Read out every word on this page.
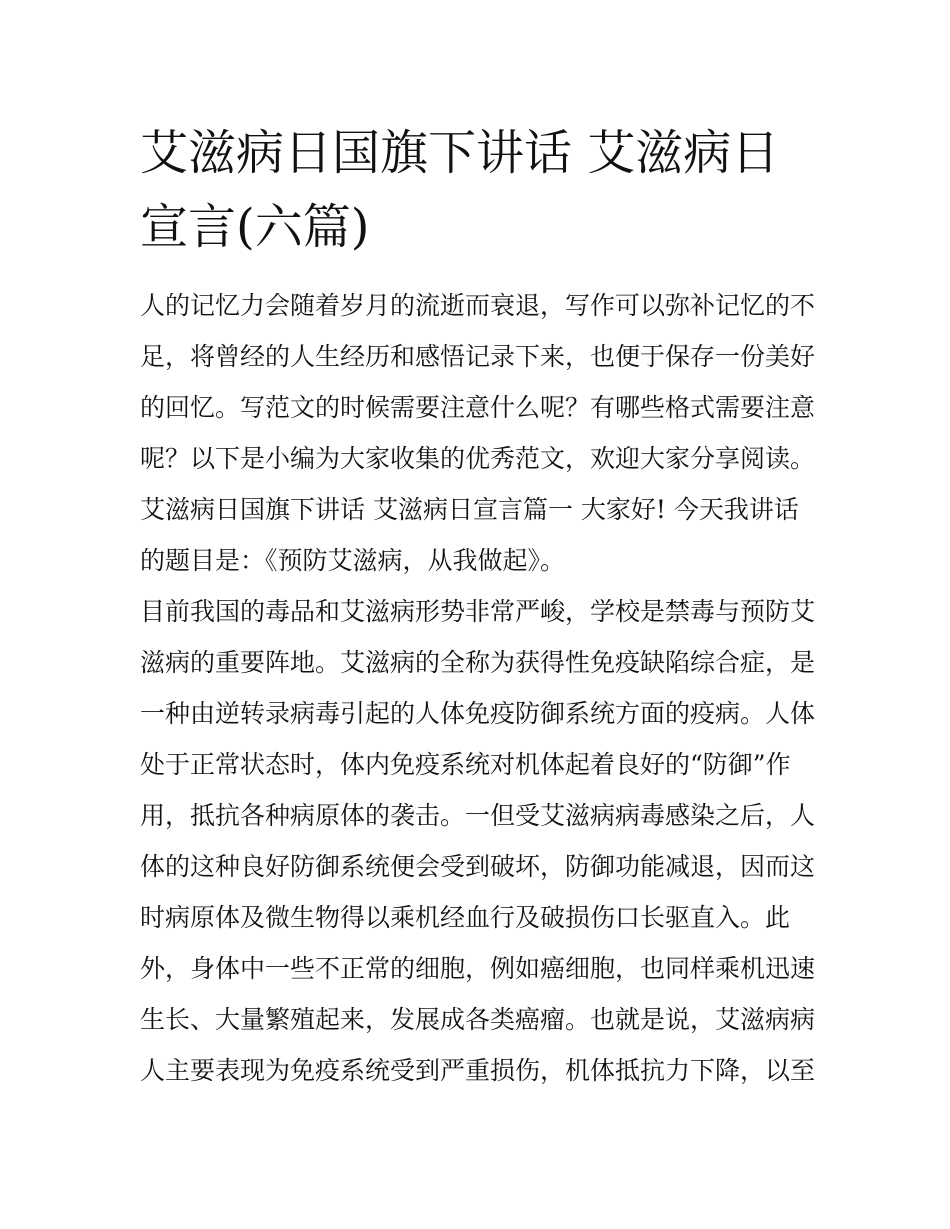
艾滋病日国旗下讲话 艾滋病日
宣言(六篇)
人的记忆力会随着岁月的流逝而衰退，写作可以弥补记忆的不
足，将曾经的人生经历和感悟记录下来，也便于保存一份美好
的回忆。写范文的时候需要注意什么呢？有哪些格式需要注意
呢？以下是小编为大家收集的优秀范文，欢迎大家分享阅读。
艾滋病日国旗下讲话 艾滋病日宣言篇一 大家好! 今天我讲话
的题目是：《预防艾滋病，从我做起》。
目前我国的毒品和艾滋病形势非常严峻，学校是禁毒与预防艾
滋病的重要阵地。艾滋病的全称为获得性免疫缺陷综合症，是
一种由逆转录病毒引起的人体免疫防御系统方面的疫病。人体
处于正常状态时，体内免疫系统对机体起着良好的“防御”作
用，抵抗各种病原体的袭击。一但受艾滋病病毒感染之后，人
体的这种良好防御系统便会受到破坏，防御功能减退，因而这
时病原体及微生物得以乘机经血行及破损伤口长驱直入。此
外，身体中一些不正常的细胞，例如癌细胞，也同样乘机迅速
生长、大量繁殖起来，发展成各类癌瘤。也就是说，艾滋病病
人主要表现为免疫系统受到严重损伤，机体抵抗力下降，以至
